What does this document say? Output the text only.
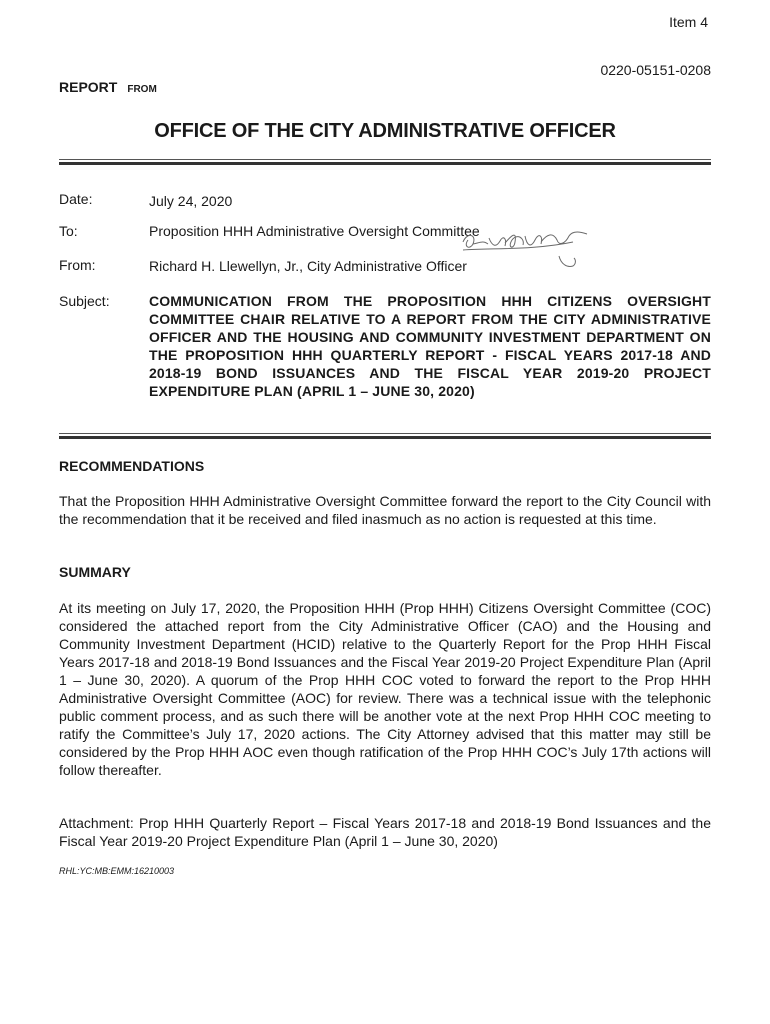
Item 4
0220-05151-0208
REPORT FROM
OFFICE OF THE CITY ADMINISTRATIVE OFFICER
Date:	July 24, 2020
To:	Proposition HHH Administrative Oversight Committee
From:	Richard H. Llewellyn, Jr., City Administrative Officer
Subject:	COMMUNICATION FROM THE PROPOSITION HHH CITIZENS OVERSIGHT COMMITTEE CHAIR RELATIVE TO A REPORT FROM THE CITY ADMINISTRATIVE OFFICER AND THE HOUSING AND COMMUNITY INVESTMENT DEPARTMENT ON THE PROPOSITION HHH QUARTERLY REPORT - FISCAL YEARS 2017-18 AND 2018-19 BOND ISSUANCES AND THE FISCAL YEAR 2019-20 PROJECT EXPENDITURE PLAN (APRIL 1 – JUNE 30, 2020)
RECOMMENDATIONS
That the Proposition HHH Administrative Oversight Committee forward the report to the City Council with the recommendation that it be received and filed inasmuch as no action is requested at this time.
SUMMARY
At its meeting on July 17, 2020, the Proposition HHH (Prop HHH) Citizens Oversight Committee (COC) considered the attached report from the City Administrative Officer (CAO) and the Housing and Community Investment Department (HCID) relative to the Quarterly Report for the Prop HHH Fiscal Years 2017-18 and 2018-19 Bond Issuances and the Fiscal Year 2019-20 Project Expenditure Plan (April 1 – June 30, 2020). A quorum of the Prop HHH COC voted to forward the report to the Prop HHH Administrative Oversight Committee (AOC) for review. There was a technical issue with the telephonic public comment process, and as such there will be another vote at the next Prop HHH COC meeting to ratify the Committee’s July 17, 2020 actions. The City Attorney advised that this matter may still be considered by the Prop HHH AOC even though ratification of the Prop HHH COC’s July 17th actions will follow thereafter.
Attachment: Prop HHH Quarterly Report – Fiscal Years 2017-18 and 2018-19 Bond Issuances and the Fiscal Year 2019-20 Project Expenditure Plan (April 1 – June 30, 2020)
RHL:YC:MB:EMM:16210003
